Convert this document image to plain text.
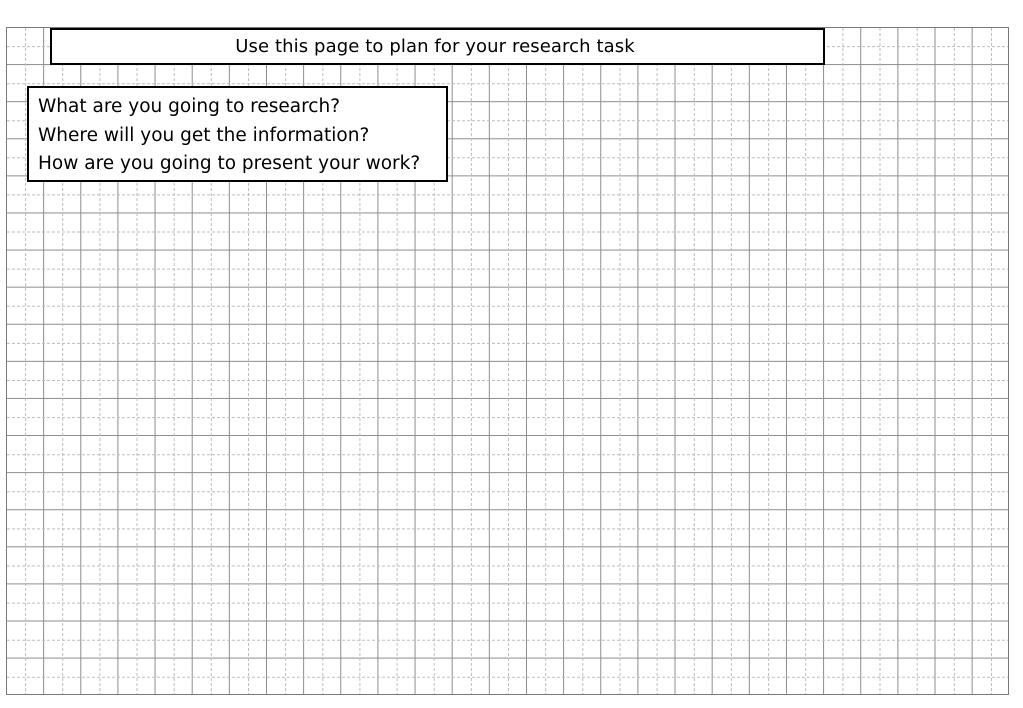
Use this page to plan for your research task
What are you going to research?
Where will you get the information?
How are you going to present your work?
